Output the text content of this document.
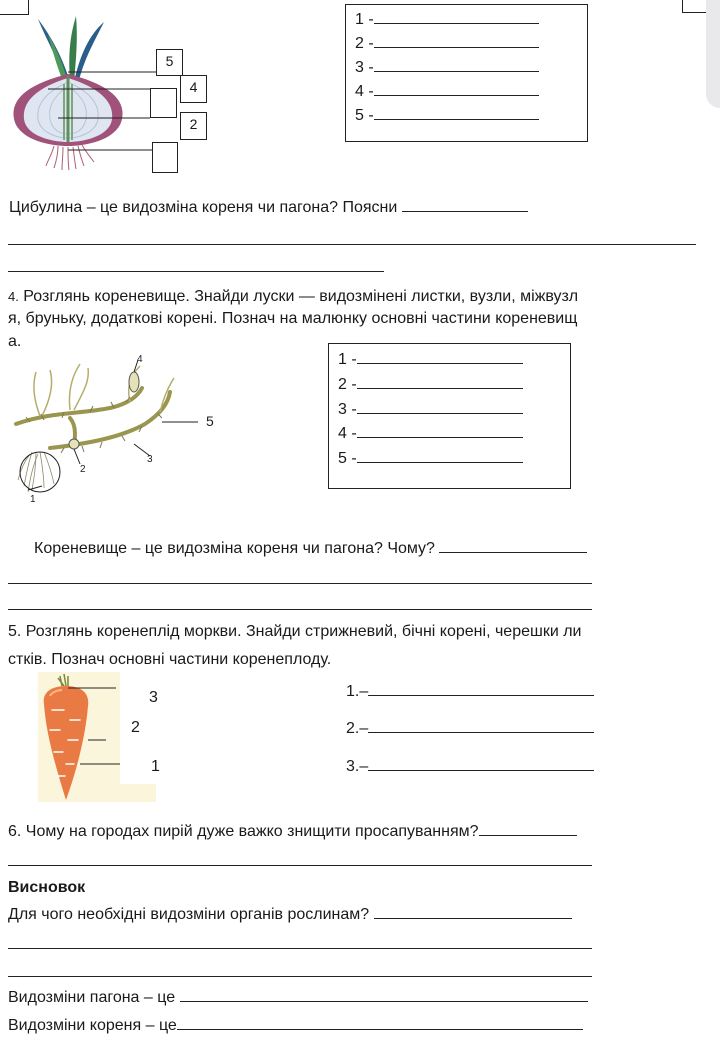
5
4
2
1 -
2 -
3 -
4 -
5 -
Цибулина – це видозміна кореня чи пагона? Поясни
4. Розглянь кореневище. Знайди луски — видозмінені листки, вузли, міжвузл
я, бруньку, додаткові корені. Познач на малюнку основні частини кореневищ
а.
4
5
3
2
1
1 -
2 -
3 -
4 -
5 -
Кореневище – це видозміна кореня чи пагона? Чому?
5. Розглянь коренеплід моркви. Знайди стрижневий, бічні корені, черешки ли
стків. Познач основні частини коренеплоду.
3
2
1
1.–
2.–
3.–
6. Чому на городах пирій дуже важко знищити просапуванням?
Висновок
Для чого необхідні видозміни органів рослинам?
Видозміни пагона – це
Видозміни кореня – це
